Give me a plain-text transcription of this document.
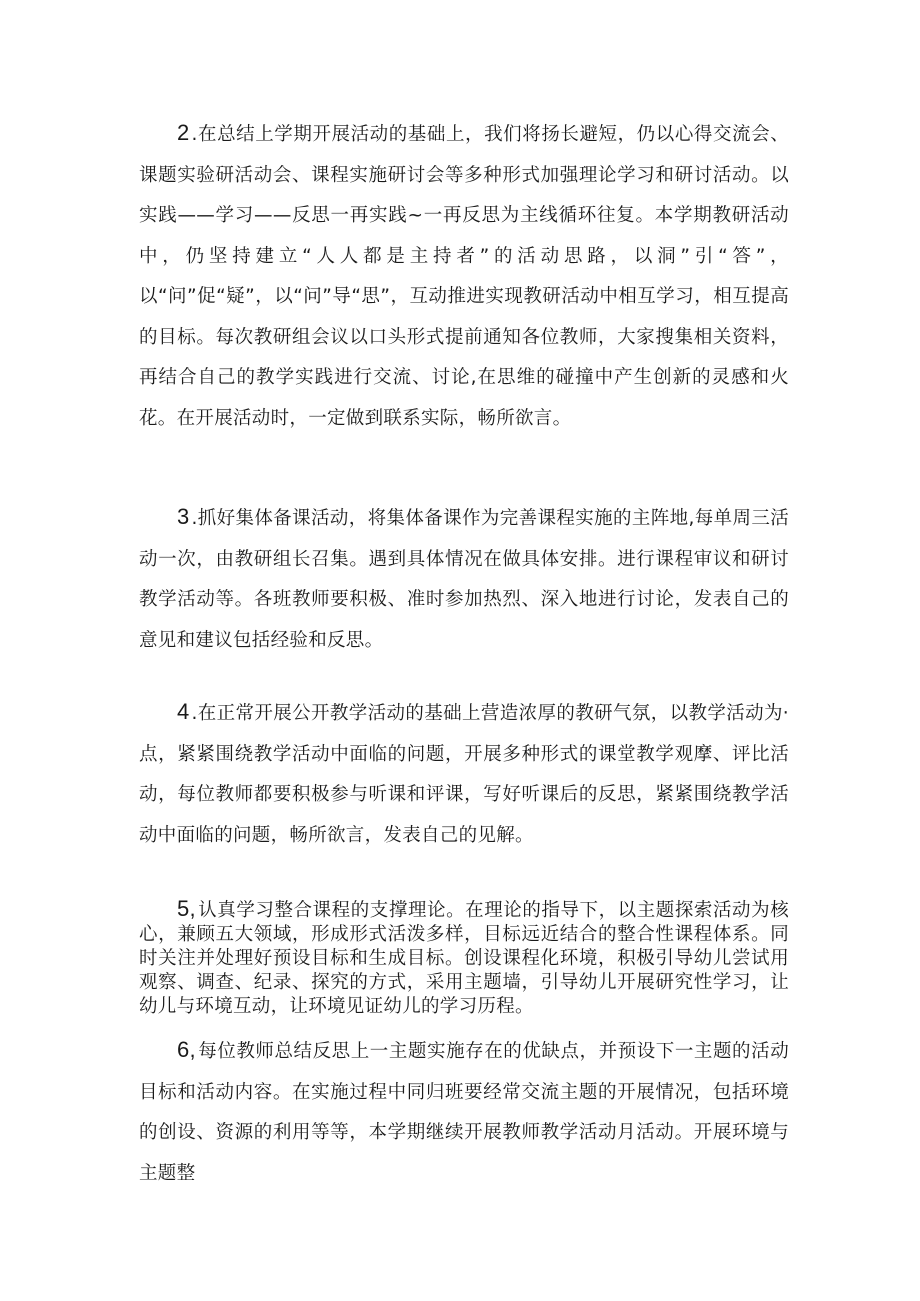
2 .在总结上学期开展活动的基础上，我们将扬长避短，仍以心得交流会、课题实验研活动会、课程实施研讨会等多种形式加强理论学习和研讨活动。以实践——学习——反思一再实践~一再反思为主线循环往复。本学期教研活动中，仍坚持建立“人人都是主持者”的活动思路，以洞”引“答”，以“问”促“疑”，以“问”导“思”，互动推进实现教研活动中相互学习，相互提高的目标。每次教研组会议以口头形式提前通知各位教师，大家搜集相关资料，再结合自己的教学实践进行交流、讨论,在思维的碰撞中产生创新的灵感和火花。在开展活动时，一定做到联系实际，畅所欲言。

3 .抓好集体备课活动，将集体备课作为完善课程实施的主阵地,每单周三活动一次，由教研组长召集。遇到具体情况在做具体安排。进行课程审议和研讨教学活动等。各班教师要积极、准时参加热烈、深入地进行讨论，发表自己的意见和建议包括经验和反思。

4 .在正常开展公开教学活动的基础上营造浓厚的教研气氛，以教学活动为·点，紧紧围绕教学活动中面临的问题，开展多种形式的课堂教学观摩、评比活动，每位教师都要积极参与听课和评课，写好听课后的反思，紧紧围绕教学活动中面临的问题，畅所欲言，发表自己的见解。

5, 认真学习整合课程的支撑理论。在理论的指导下，以主题探索活动为核心，兼顾五大领域，形成形式活泼多样，目标远近结合的整合性课程体系。同时关注并处理好预设目标和生成目标。创设课程化环境，积极引导幼儿尝试用观察、调查、纪录、探究的方式，采用主题墙，引导幼儿开展研究性学习，让幼儿与环境互动，让环境见证幼儿的学习历程。

6, 每位教师总结反思上一主题实施存在的优缺点，并预设下一主题的活动目标和活动内容。在实施过程中同归班要经常交流主题的开展情况，包括环境的创设、资源的利用等等，本学期继续开展教师教学活动月活动。开展环境与主题整
